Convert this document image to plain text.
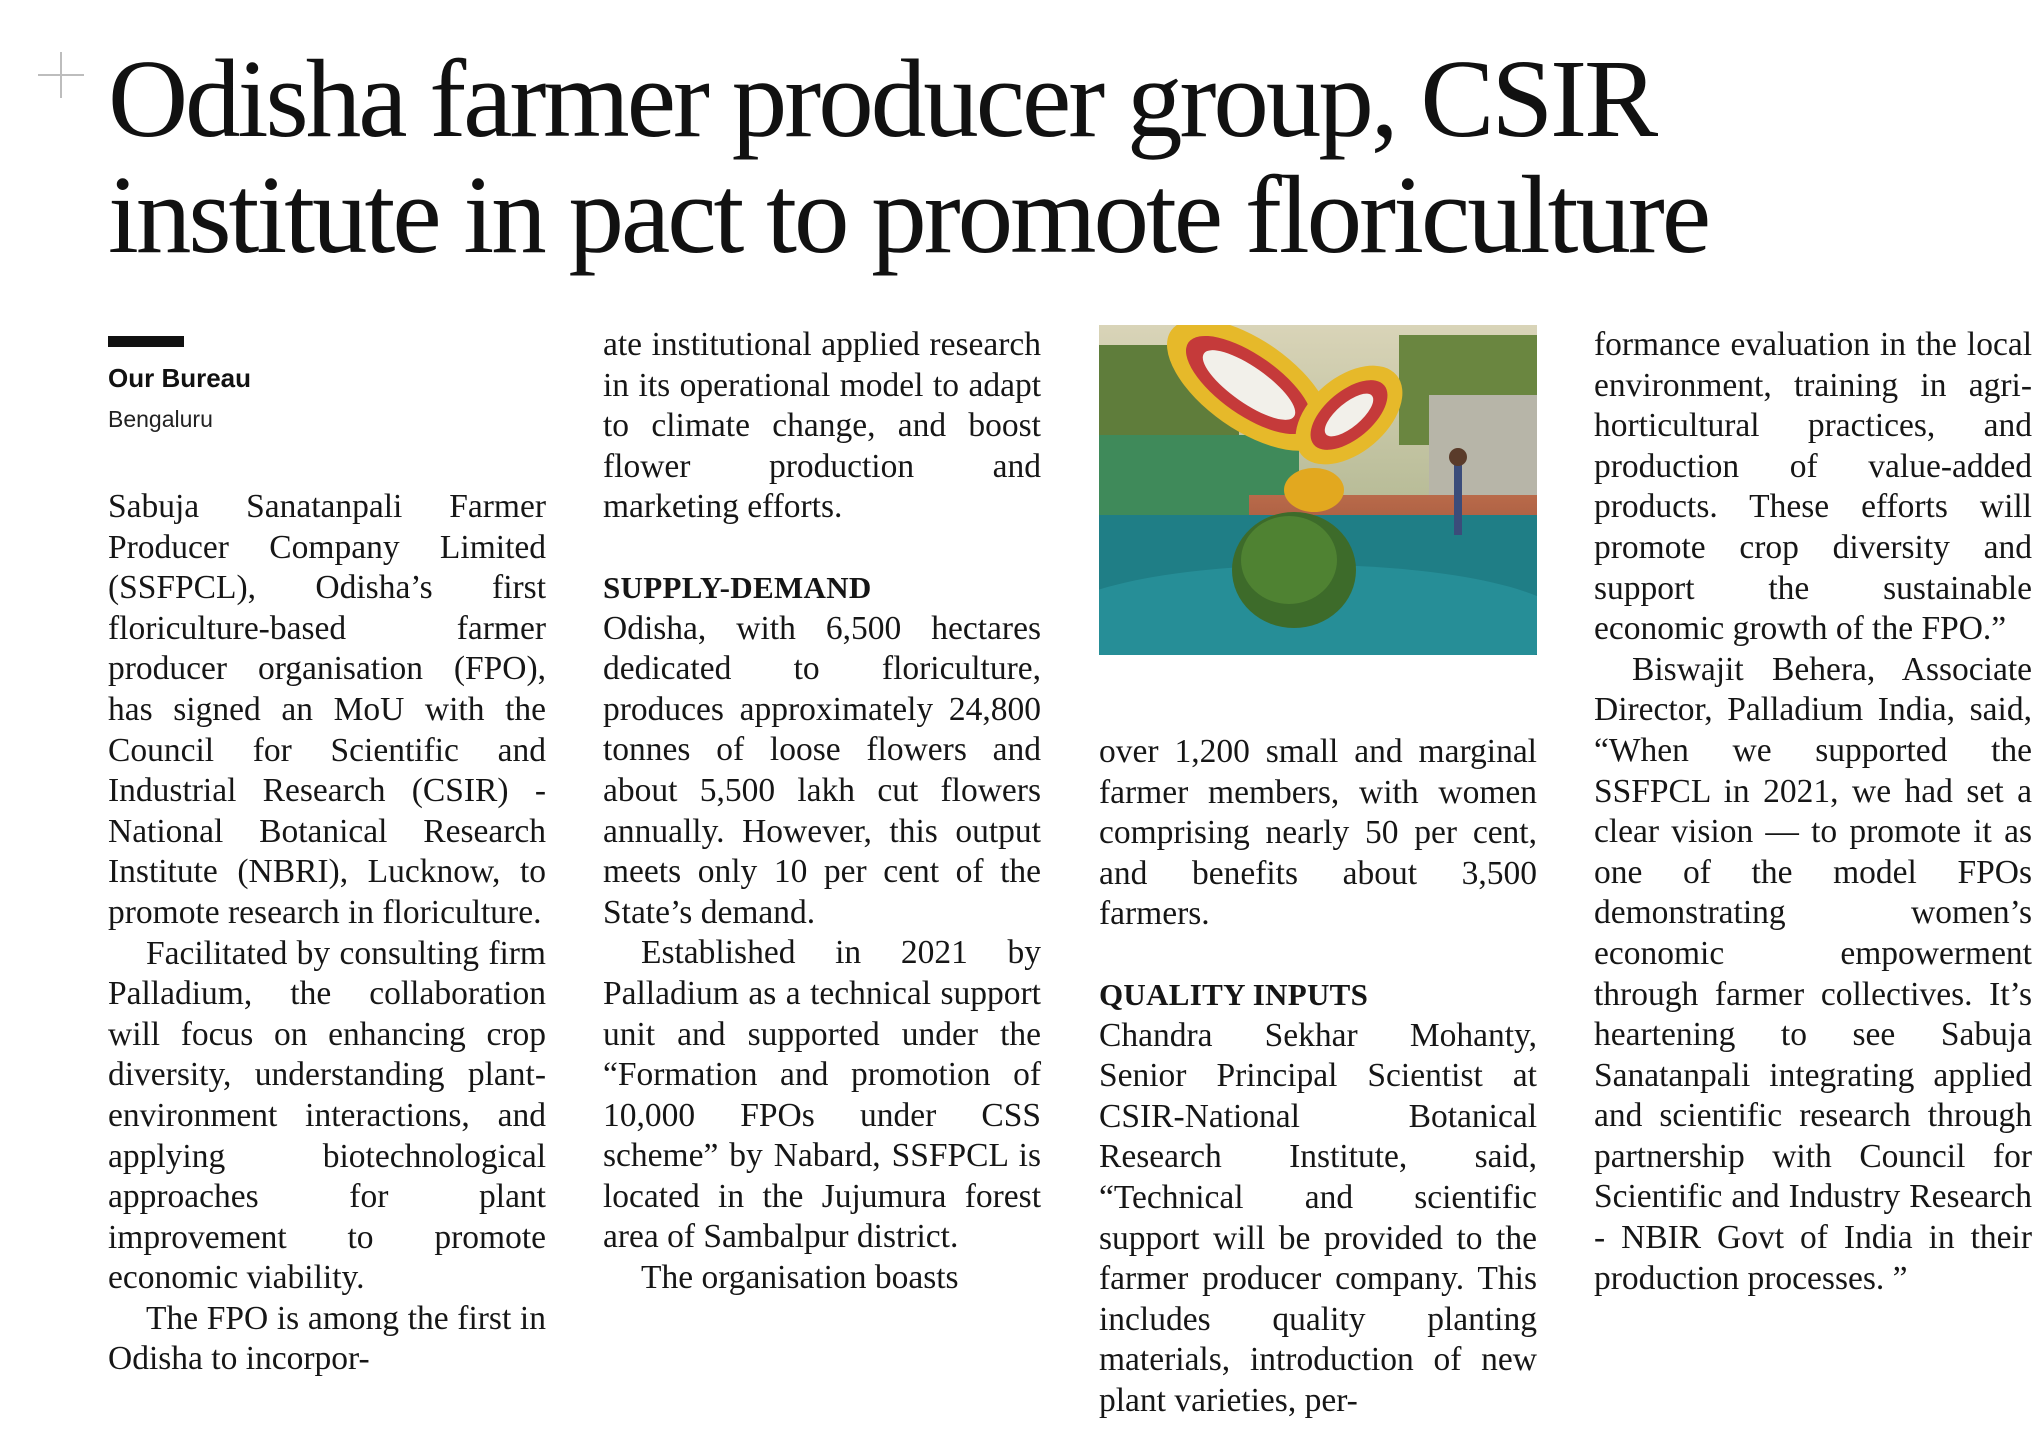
Odisha farmer producer group, CSIR
institute in pact to promote floriculture
Our Bureau
Bengaluru

Sabuja Sanatanpali Farmer Producer Company Limited (SSFPCL), Odisha’s first floriculture-based farmer producer organisation (FPO), has signed an MoU with the Council for Scientific and Industrial Research (CSIR) - National Botanical Research Institute (NBRI), Lucknow, to promote research in floriculture.

Facilitated by consulting firm Palladium, the collaboration will focus on enhancing crop diversity, understanding plant-environment interactions, and applying biotechnological approaches for plant improvement to promote economic viability.

The FPO is among the first in Odisha to incorpor-

ate institutional applied research in its operational model to adapt to climate change, and boost flower production and marketing efforts.

SUPPLY-DEMAND

Odisha, with 6,500 hectares dedicated to floriculture, produces approximately 24,800 tonnes of loose flowers and about 5,500 lakh cut flowers annually. However, this output meets only 10 per cent of the State’s demand.

Established in 2021 by Palladium as a technical support unit and supported under the “Formation and promotion of 10,000 FPOs under CSS scheme” by Nabard, SSFPCL is located in the Jujumura forest area of Sambalpur district.

The organisation boasts

over 1,200 small and marginal farmer members, with women comprising nearly 50 per cent, and benefits about 3,500 farmers.

QUALITY INPUTS

Chandra Sekhar Mohanty, Senior Principal Scientist at CSIR-National Botanical Research Institute, said, “Technical and scientific support will be provided to the farmer producer company. This includes quality planting materials, introduction of new plant varieties, per-

formance evaluation in the local environment, training in agri-horticultural practices, and production of value-added products. These efforts will promote crop diversity and support the sustainable economic growth of the FPO.”

Biswajit Behera, Associate Director, Palladium India, said, “When we supported the SSFPCL in 2021, we had set a clear vision — to promote it as one of the model FPOs demonstrating women’s economic empowerment through farmer collectives. It’s heartening to see Sabuja Sanatanpali integrating applied and scientific research through partnership with Council for Scientific and Industry Research - NBIR Govt of India in their production processes. ”
